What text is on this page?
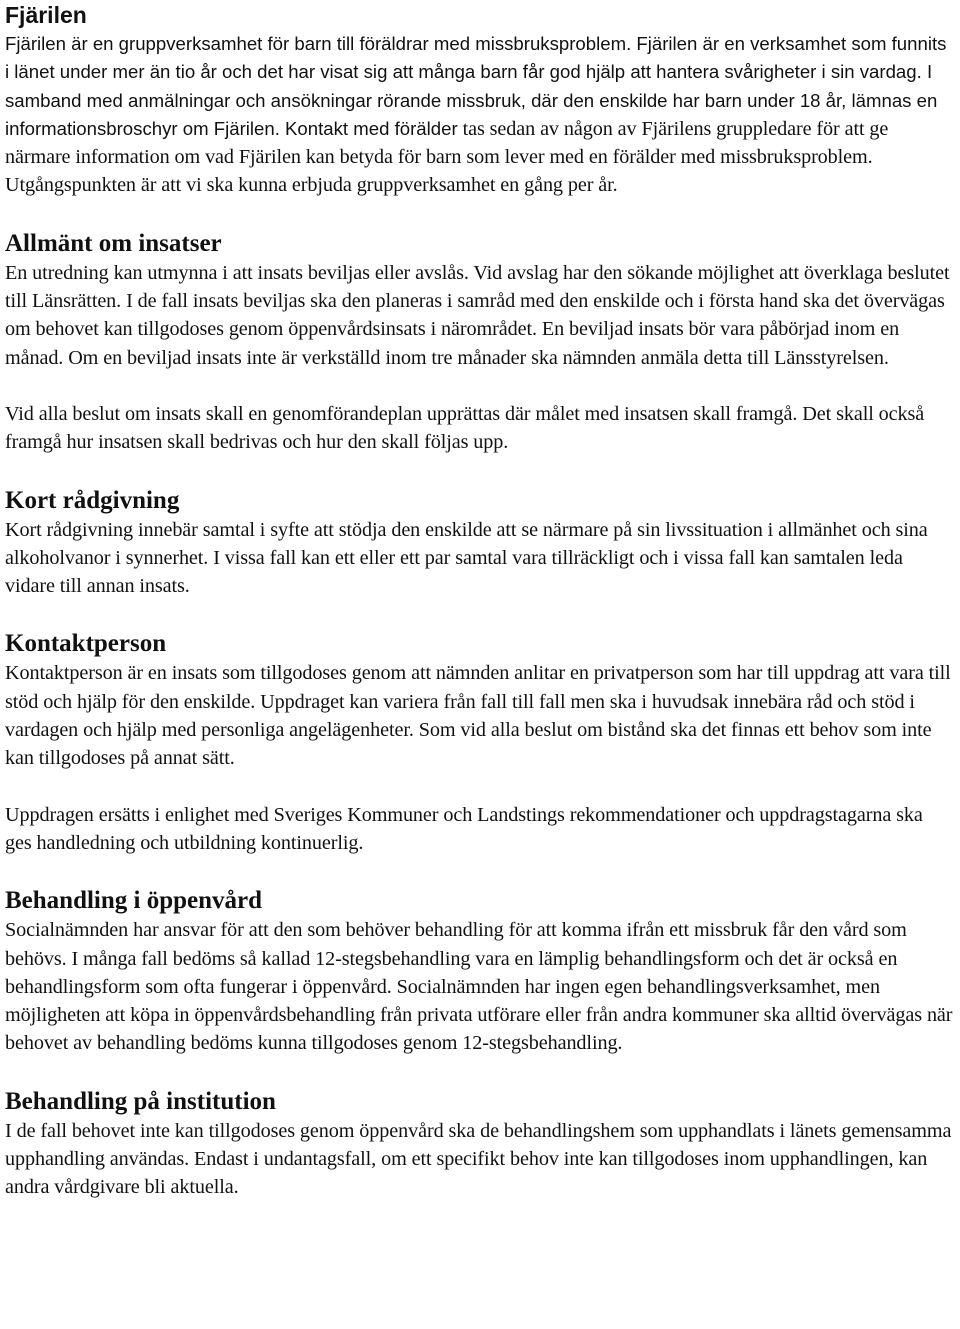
Fjärilen

Fjärilen är en gruppverksamhet för barn till föräldrar med missbruksproblem. Fjärilen är en verksamhet som funnits i länet under mer än tio år och det har visat sig att många barn får god hjälp att hantera svårigheter i sin vardag. I samband med anmälningar och ansökningar rörande missbruk, där den enskilde har barn under 18 år, lämnas en informationsbroschyr om Fjärilen. Kontakt med förälder tas sedan av någon av Fjärilens gruppledare för att ge närmare information om vad Fjärilen kan betyda för barn som lever med en förälder med missbruksproblem. Utgångspunkten är att vi ska kunna erbjuda gruppverksamhet en gång per år.

Allmänt om insatser

En utredning kan utmynna i att insats beviljas eller avslås. Vid avslag har den sökande möjlighet att överklaga beslutet till Länsrätten. I de fall insats beviljas ska den planeras i samråd med den enskilde och i första hand ska det övervägas om behovet kan tillgodoses genom öppenvårdsinsats i närområdet. En beviljad insats bör vara påbörjad inom en månad. Om en beviljad insats inte är verkställd inom tre månader ska nämnden anmäla detta till Länsstyrelsen.

Vid alla beslut om insats skall en genomförandeplan upprättas där målet med insatsen skall framgå. Det skall också framgå hur insatsen skall bedrivas och hur den skall följas upp.

Kort rådgivning

Kort rådgivning innebär samtal i syfte att stödja den enskilde att se närmare på sin livssituation i allmänhet och sina alkoholvanor i synnerhet. I vissa fall kan ett eller ett par samtal vara tillräckligt och i vissa fall kan samtalen leda vidare till annan insats.

Kontaktperson

Kontaktperson är en insats som tillgodoses genom att nämnden anlitar en privatperson som har till uppdrag att vara till stöd och hjälp för den enskilde. Uppdraget kan variera från fall till fall men ska i huvudsak innebära råd och stöd i vardagen och hjälp med personliga angelägenheter. Som vid alla beslut om bistånd ska det finnas ett behov som inte kan tillgodoses på annat sätt.

Uppdragen ersätts i enlighet med Sveriges Kommuner och Landstings rekommendationer och uppdragstagarna ska ges handledning och utbildning kontinuerlig.

Behandling i öppenvård

Socialnämnden har ansvar för att den som behöver behandling för att komma ifrån ett missbruk får den vård som behövs. I många fall bedöms så kallad 12-stegsbehandling vara en lämplig behandlingsform och det är också en behandlingsform som ofta fungerar i öppenvård. Socialnämnden har ingen egen behandlingsverksamhet, men möjligheten att köpa in öppenvårdsbehandling från privata utförare eller från andra kommuner ska alltid övervägas när behovet av behandling bedöms kunna tillgodoses genom 12-stegsbehandling.

Behandling på institution

I de fall behovet inte kan tillgodoses genom öppenvård ska de behandlingshem som upphandlats i länets gemensamma upphandling användas. Endast i undantagsfall, om ett specifikt behov inte kan tillgodoses inom upphandlingen, kan andra vårdgivare bli aktuella.
